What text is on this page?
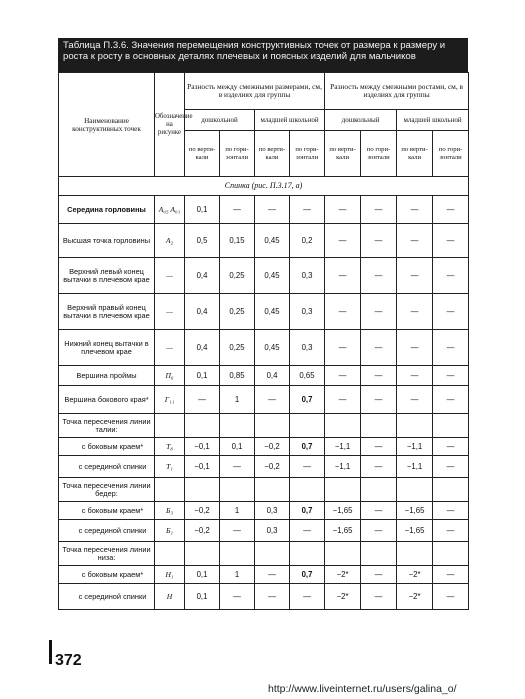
Таблица П.3.6. Значения перемещения конструктивных точек от размера к размеру и роста к росту в основных деталях плечевых и поясных изделий для мальчиков
Наименование конструктивных точек	Обозначение на рисунке	Разность между смежными размерами, см, в изделиях для группы				Разность между смежными ростами, см, в изделиях для группы			
		дошкольной		младшей школьной		дошкольный		младшей школьной	
		по верти-кали	по гори-зонтали	по верти-кали	по гори-зонтали	по верти-кали	по гори-зонтали	по верти-кали	по гори-зонтали
Спинка (рис. П.3.17, а)									
Середина горловины	A₀₅ A₀₁	0,1	—	—	—	—	—	—	—
Высшая точка горловины	A₂	0,5	0,15	0,45	0,2	—	—	—	—
Верхний левый конец вытачки в плечевом крае	—	0,4	0,25	0,45	0,3	—	—	—	—
Верхний правый конец вытачки в плечевом крае	—	0,4	0,25	0,45	0,3	—	—	—	—
Нижний конец вытачки в плечевом крае	—	0,4	0,25	0,45	0,3	—	—	—	—
Вершина проймы	П₆	0,1	0,85	0,4	0,65	—	—	—	—
Вершина бокового края*	Г₁₁	—	1	—	0,7	—	—	—	—
Точка пересечения линии талии:									
с боковым краем*	Т₈	−0,1	0,1	−0,2	0,7	−1,1	—	−1,1	—
с серединой спинки	Т₁	−0,1	—	−0,2	—	−1,1	—	−1,1	—
Точка пересечения линии бедер:									
с боковым краем*	Б₃	−0,2	1	0,3	0,7	−1,65	—	−1,65	—
с серединой спинки	Б₁	−0,2	—	0,3	—	−1,65	—	−1,65	—
Точка пересечения линии низа:									
с боковым краем*	Н₁	0,1	1	—	0,7	−2*	—	−2*	—
с серединой спинки	Н	0,1	—	—	—	−2*	—	−2*	—
372
http://www.liveinternet.ru/users/galina_o/
